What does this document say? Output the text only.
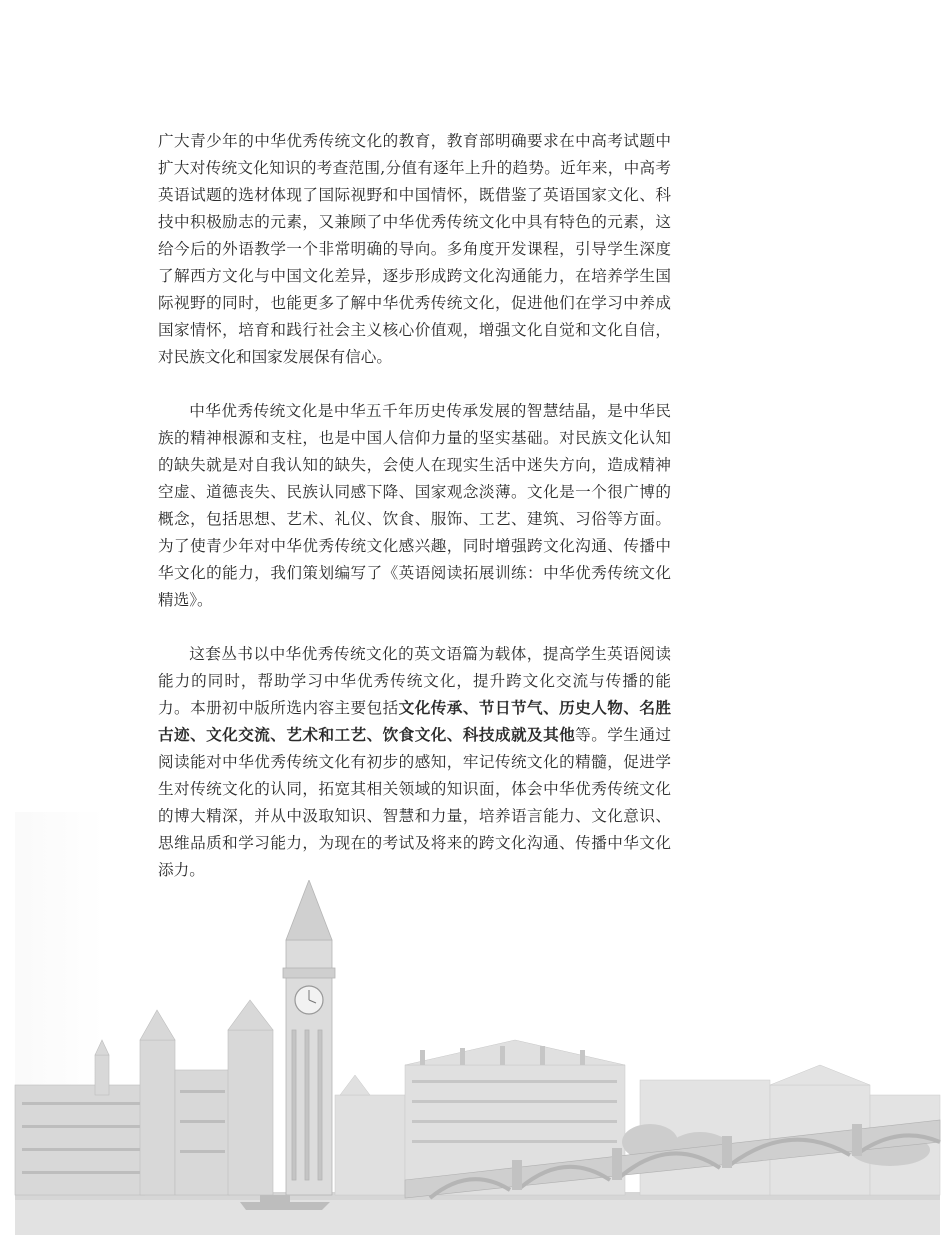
广大青少年的中华优秀传统文化的教育，教育部明确要求在中高考试题中扩大对传统文化知识的考查范围,分值有逐年上升的趋势。近年来，中高考英语试题的选材体现了国际视野和中国情怀，既借鉴了英语国家文化、科技中积极励志的元素，又兼顾了中华优秀传统文化中具有特色的元素，这给今后的外语教学一个非常明确的导向。多角度开发课程，引导学生深度了解西方文化与中国文化差异，逐步形成跨文化沟通能力，在培养学生国际视野的同时，也能更多了解中华优秀传统文化，促进他们在学习中养成国家情怀，培育和践行社会主义核心价值观，增强文化自觉和文化自信，对民族文化和国家发展保有信心。

中华优秀传统文化是中华五千年历史传承发展的智慧结晶，是中华民族的精神根源和支柱，也是中国人信仰力量的坚实基础。对民族文化认知的缺失就是对自我认知的缺失，会使人在现实生活中迷失方向，造成精神空虚、道德丧失、民族认同感下降、国家观念淡薄。文化是一个很广博的概念，包括思想、艺术、礼仪、饮食、服饰、工艺、建筑、习俗等方面。为了使青少年对中华优秀传统文化感兴趣，同时增强跨文化沟通、传播中华文化的能力，我们策划编写了《英语阅读拓展训练：中华优秀传统文化精选》。

这套丛书以中华优秀传统文化的英文语篇为载体，提高学生英语阅读能力的同时，帮助学习中华优秀传统文化，提升跨文化交流与传播的能力。本册初中版所选内容主要包括文化传承、节日节气、历史人物、名胜古迹、文化交流、艺术和工艺、饮食文化、科技成就及其他等。学生通过阅读能对中华优秀传统文化有初步的感知，牢记传统文化的精髓，促进学生对传统文化的认同，拓宽其相关领域的知识面，体会中华优秀传统文化的博大精深，并从中汲取知识、智慧和力量，培养语言能力、文化意识、思维品质和学习能力，为现在的考试及将来的跨文化沟通、传播中华文化添力。
